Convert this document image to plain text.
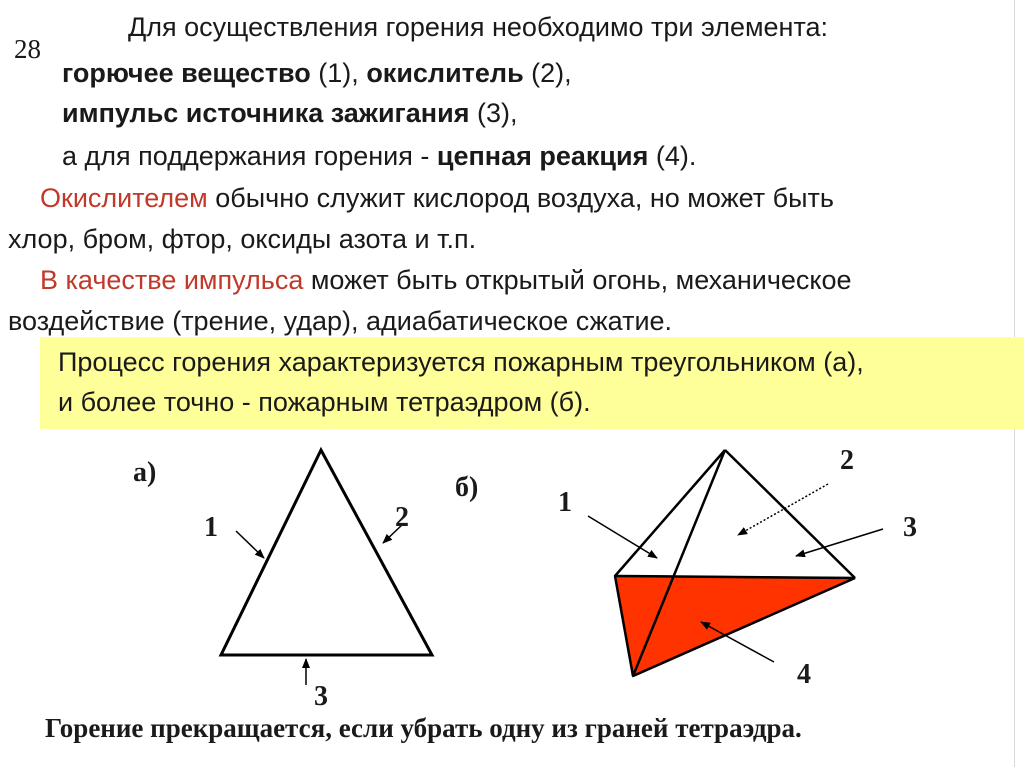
28
Для осуществления горения необходимо три элемента:
горючее вещество (1), окислитель (2),
импульс источника зажигания (3),
а для поддержания горения - цепная реакция (4).
Окислителем обычно служит кислород воздуха, но может быть
хлор, бром, фтор, оксиды азота и т.п.
В качестве импульса может быть открытый огонь, механическое
воздействие (трение, удар), адиабатическое сжатие.
Процесс горения характеризуется пожарным треугольником (а),
и более точно - пожарным тетраэдром (б).
а)
1	2
3
б)	1
2
3
4
Горение прекращается, если убрать одну из граней тетраэдра.
